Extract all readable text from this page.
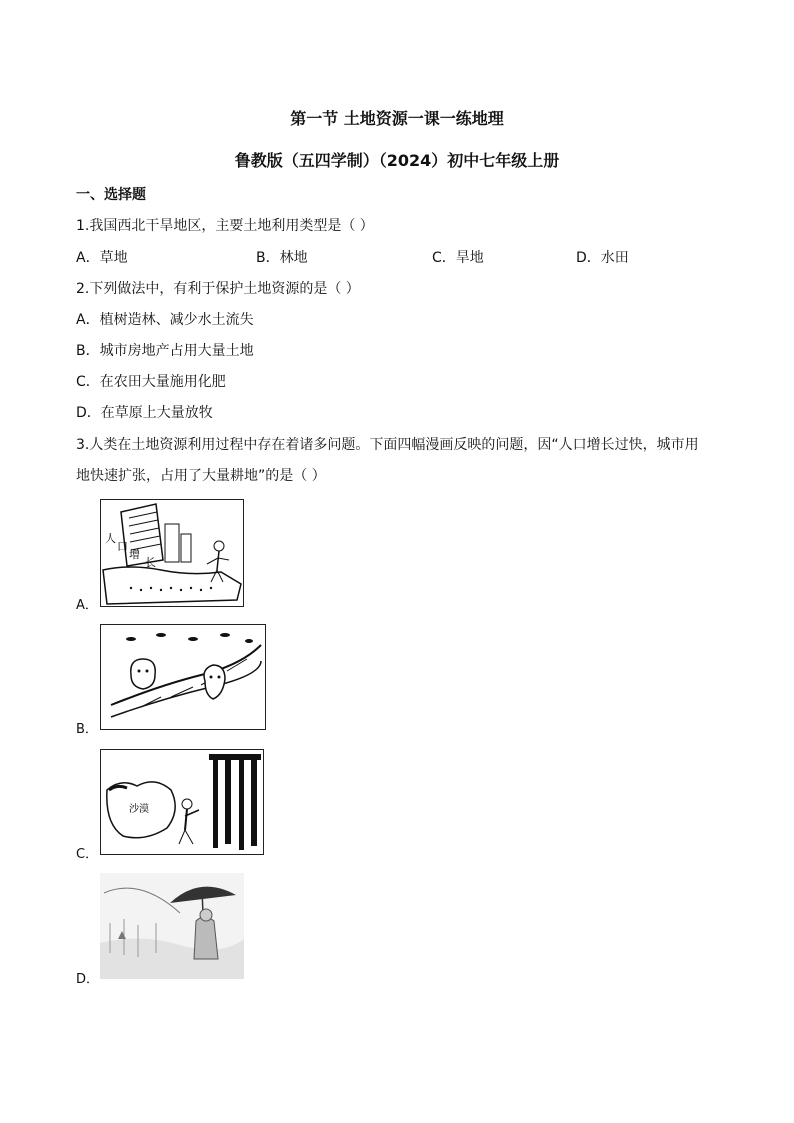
第一节 土地资源一课一练地理
鲁教版（五四学制）（2024）初中七年级上册
一、选择题
1.我国西北干旱地区，主要土地利用类型是（ ）
A．草地	B．林地	C．旱地	D．水田
2.下列做法中，有利于保护土地资源的是（ ）
A．植树造林、减少水土流失
B．城市房地产占用大量土地
C．在农田大量施用化肥
D．在草原上大量放牧
3.人类在土地资源利用过程中存在着诸多问题。下面四幅漫画反映的问题，因“人口增长过快，城市用
地快速扩张，占用了大量耕地”的是（ ）
A．
人
口
增
长
B．
C．
沙漠
D．
